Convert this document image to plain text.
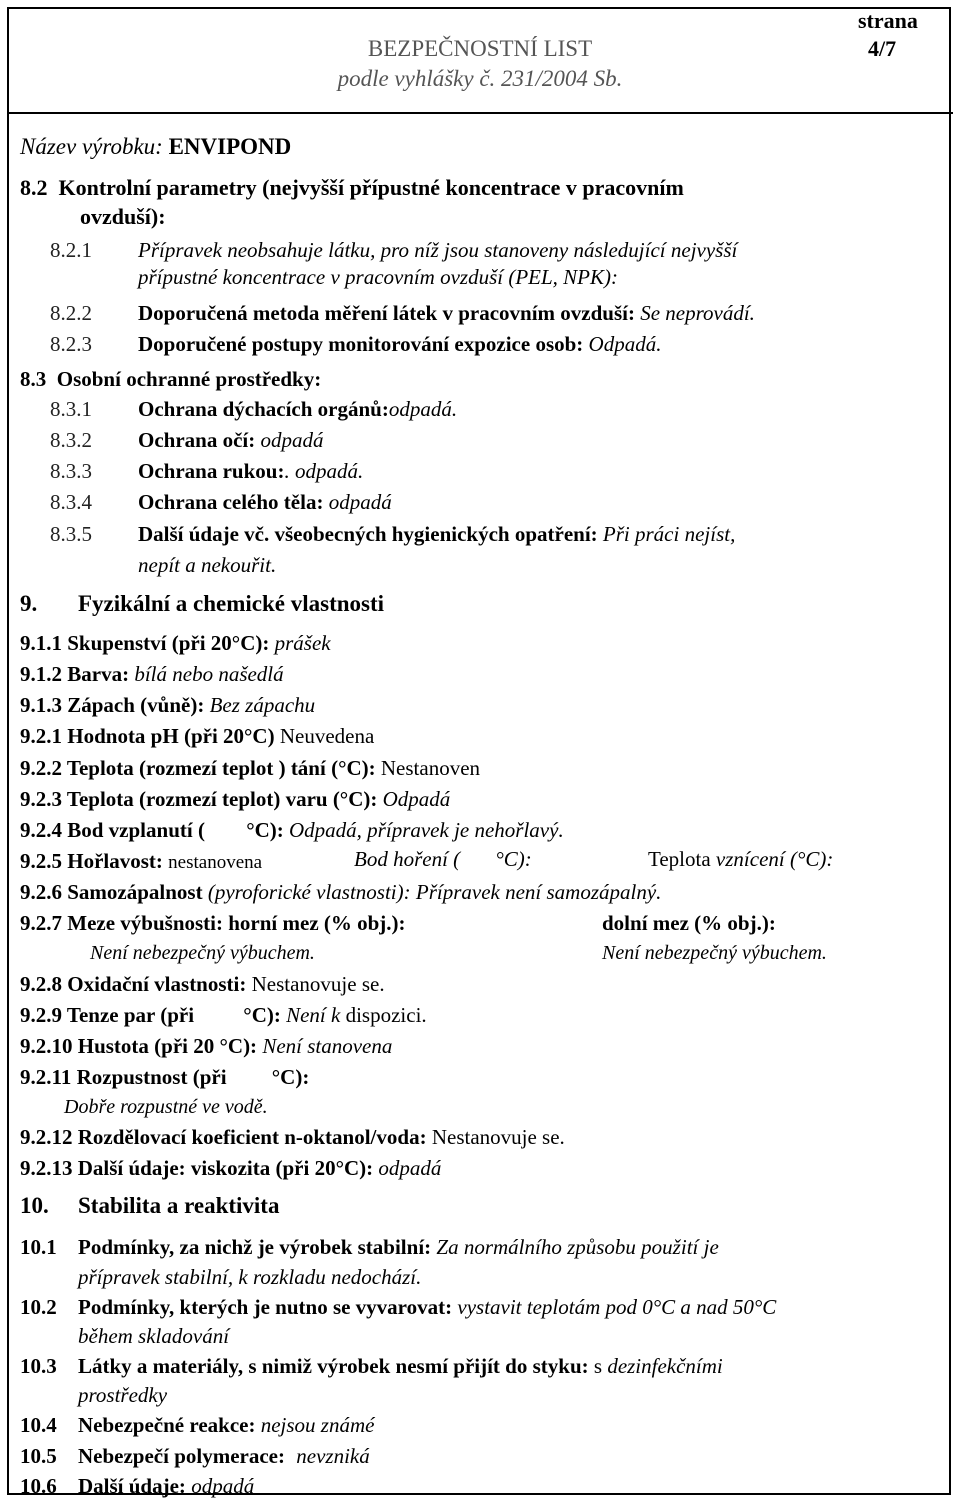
BEZPEČNOSTNÍ LIST
podle vyhlášky č. 231/2004 Sb.
strana
4/7
Název výrobku: ENVIPOND
8.2 Kontrolní parametry (nejvyšší přípustné koncentrace v pracovním
ovzduší):
8.2.1 Přípravek neobsahuje látku, pro níž jsou stanoveny následující nejvyšší
přípustné koncentrace v pracovním ovzduší (PEL, NPK):
8.2.2 Doporučená metoda měření látek v pracovním ovzduší: Se neprovádí.
8.2.3 Doporučené postupy monitorování expozice osob: Odpadá.
8.3 Osobní ochranné prostředky:
8.3.1 Ochrana dýchacích orgánů:odpadá.
8.3.2 Ochrana očí: odpadá
8.3.3 Ochrana rukou:. odpadá.
8.3.4 Ochrana celého těla: odpadá
8.3.5 Další údaje vč. všeobecných hygienických opatření: Při práci nejíst,
nepít a nekouřit.
9. Fyzikální a chemické vlastnosti
9.1.1 Skupenství (při 20°C): prášek
9.1.2 Barva: bílá nebo našedlá
9.1.3 Zápach (vůně): Bez zápachu
9.2.1 Hodnota pH (při 20°C) Neuvedena
9.2.2 Teplota (rozmezí teplot ) tání (°C): Nestanoven
9.2.3 Teplota (rozmezí teplot) varu (°C): Odpadá
9.2.4 Bod vzplanutí ( °C): Odpadá, přípravek je nehořlavý.
9.2.5 Hořlavost: nestanovena	Bod hoření ( °C):	Teplota vznícení (°C):
9.2.6 Samozápalnost (pyroforické vlastnosti): Přípravek není samozápalný.
9.2.7 Meze výbušnosti: horní mez (% obj.):	dolní mez (% obj.):
Není nebezpečný výbuchem.	Není nebezpečný výbuchem.
9.2.8 Oxidační vlastnosti: Nestanovuje se.
9.2.9 Tenze par (při °C): Není k dispozici.
9.2.10 Hustota (při 20 °C): Není stanovena
9.2.11 Rozpustnost (při °C):
Dobře rozpustné ve vodě.
9.2.12 Rozdělovací koeficient n-oktanol/voda: Nestanovuje se.
9.2.13 Další údaje: viskozita (při 20°C): odpadá
10. Stabilita a reaktivita
10.1 Podmínky, za nichž je výrobek stabilní: Za normálního způsobu použití je
přípravek stabilní, k rozkladu nedochází.
10.2 Podmínky, kterých je nutno se vyvarovat: vystavit teplotám pod 0°C a nad 50°C
během skladování
10.3 Látky a materiály, s nimiž výrobek nesmí přijít do styku: s dezinfekčními
prostředky
10.4 Nebezpečné reakce: nejsou známé
10.5 Nebezpečí polymerace: nevzniká
10.6 Další údaje: odpadá
